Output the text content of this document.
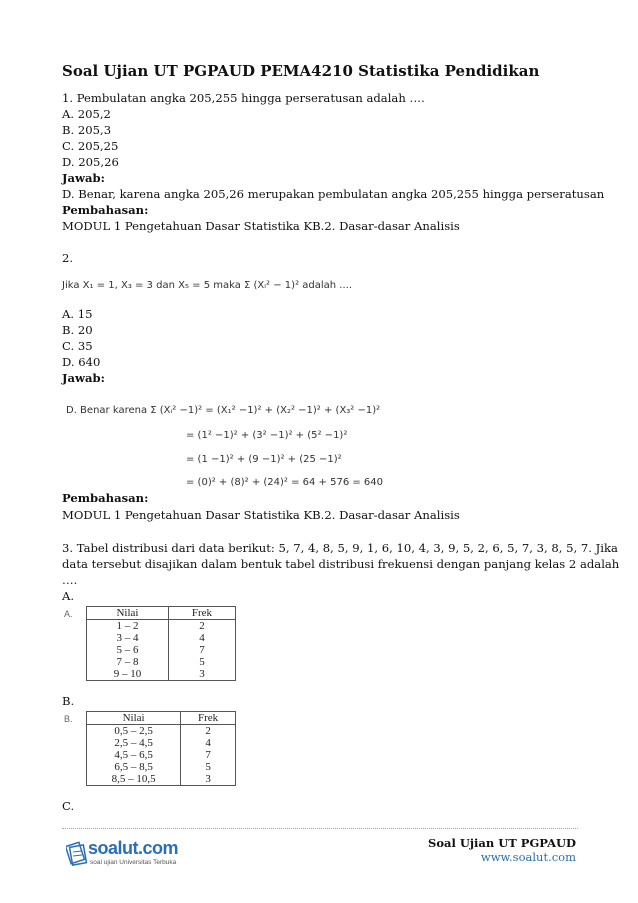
Soal Ujian UT PGPAUD PEMA4210 Statistika Pendidikan
1. Pembulatan angka 205,255 hingga perseratusan adalah ….
A. 205,2
B. 205,3
C. 205,25
D. 205,26
Jawab:
D. Benar, karena angka 205,26 merupakan pembulatan angka 205,255 hingga perseratusan
Pembahasan:
MODUL 1 Pengetahuan Dasar Statistika KB.2. Dasar-dasar Analisis
2.
Jika X₁ = 1, X₃ = 3 dan X₅ = 5 maka Σ (Xᵢ² − 1)² adalah ....
A. 15
B. 20
C. 35
D. 640
Jawab:
D. Benar karena Σ (Xᵢ² −1)² = (X₁² −1)² + (X₂² −1)² + (X₃² −1)²
= (1² −1)² + (3² −1)² + (5² −1)²
= (1 −1)² + (9 −1)² + (25 −1)²
= (0)² + (8)² + (24)² = 64 + 576 = 640
Pembahasan:
MODUL 1 Pengetahuan Dasar Statistika KB.2. Dasar-dasar Analisis
3. Tabel distribusi dari data berikut: 5, 7, 4, 8, 5, 9, 1, 6, 10, 4, 3, 9, 5, 2, 6, 5, 7, 3, 8, 5, 7. Jika
data tersebut disajikan dalam bentuk tabel distribusi frekuensi dengan panjang kelas 2 adalah
….
A.
A.	Nilai	Frek
1 – 2	2
3 – 4	4
5 – 6	7
7 – 8	5
9 – 10	3
B.
B.	Nilai	Frek
0,5 – 2,5	2
2,5 – 4,5	4
4,5 – 6,5	7
6,5 – 8,5	5
8,5 – 10,5	3
C.
soalut.com
soal ujian Universitas Terbuka
Soal Ujian UT PGPAUD
www.soalut.com
